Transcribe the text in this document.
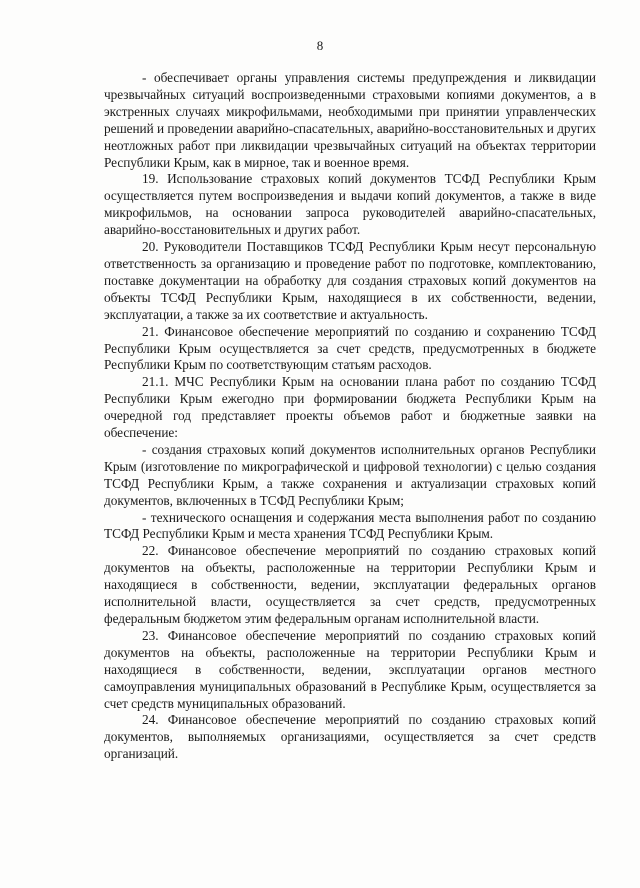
8

- обеспечивает органы управления системы предупреждения и ликвидации чрезвычайных ситуаций воспроизведенными страховыми копиями документов, а в экстренных случаях микрофильмами, необходимыми при принятии управленческих решений и проведении аварийно-спасательных, аварийно-восстановительных и других неотложных работ при ликвидации чрезвычайных ситуаций на объектах территории Республики Крым, как в мирное, так и военное время.

19. Использование страховых копий документов ТСФД Республики Крым осуществляется путем воспроизведения и выдачи копий документов, а также в виде микрофильмов, на основании запроса руководителей аварийно-спасательных, аварийно-восстановительных и других работ.

20. Руководители Поставщиков ТСФД Республики Крым несут персональную ответственность за организацию и проведение работ по подготовке, комплектованию, поставке документации на обработку для создания страховых копий документов на объекты ТСФД Республики Крым, находящиеся в их собственности, ведении, эксплуатации, а также за их соответствие и актуальность.

21. Финансовое обеспечение мероприятий по созданию и сохранению ТСФД Республики Крым осуществляется за счет средств, предусмотренных в бюджете Республики Крым по соответствующим статьям расходов.

21.1. МЧС Республики Крым на основании плана работ по созданию ТСФД Республики Крым ежегодно при формировании бюджета Республики Крым на очередной год представляет проекты объемов работ и бюджетные заявки на обеспечение:

- создания страховых копий документов исполнительных органов Республики Крым (изготовление по микрографической и цифровой технологии) с целью создания ТСФД Республики Крым, а также сохранения и актуализации страховых копий документов, включенных в ТСФД Республики Крым;

- технического оснащения и содержания места выполнения работ по созданию ТСФД Республики Крым и места хранения ТСФД Республики Крым.

22. Финансовое обеспечение мероприятий по созданию страховых копий документов на объекты, расположенные на территории Республики Крым и находящиеся в собственности, ведении, эксплуатации федеральных органов исполнительной власти, осуществляется за счет средств, предусмотренных федеральным бюджетом этим федеральным органам исполнительной власти.

23. Финансовое обеспечение мероприятий по созданию страховых копий документов на объекты, расположенные на территории Республики Крым и находящиеся в собственности, ведении, эксплуатации органов местного самоуправления муниципальных образований в Республике Крым, осуществляется за счет средств муниципальных образований.

24. Финансовое обеспечение мероприятий по созданию страховых копий документов, выполняемых организациями, осуществляется за счет средств организаций.
